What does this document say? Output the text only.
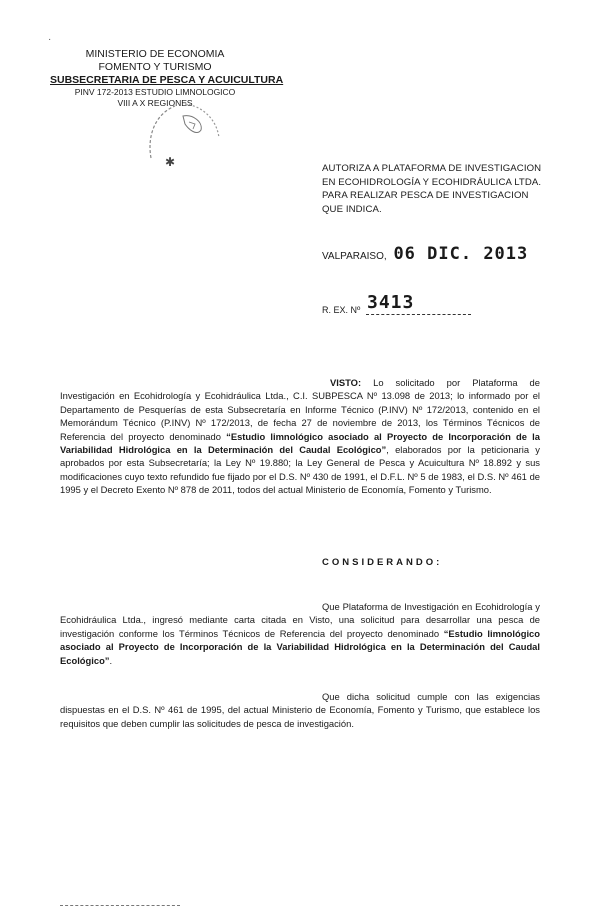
·
MINISTERIO DE ECONOMIA
FOMENTO Y TURISMO
SUBSECRETARIA DE PESCA Y ACUICULTURA
PINV 172-2013 ESTUDIO LIMNOLOGICO
VIII A X REGIONES
✱	AUTORIZA A PLATAFORMA DE INVESTIGACION EN ECOHIDROLOGÍA Y ECOHIDRÁULICA LTDA. PARA REALIZAR PESCA DE INVESTIGACION QUE INDICA.
VALPARAISO, 06 DIC. 2013
R. EX. Nº 3413
VISTO: Lo solicitado por Plataforma de Investigación en Ecohidrología y Ecohidráulica Ltda., C.I. SUBPESCA Nº 13.098 de 2013; lo informado por el Departamento de Pesquerías de esta Subsecretaría en Informe Técnico (P.INV) Nº 172/2013, contenido en el Memorándum Técnico (P.INV) Nº 172/2013, de fecha 27 de noviembre de 2013, los Términos Técnicos de Referencia del proyecto denominado “Estudio limnológico asociado al Proyecto de Incorporación de la Variabilidad Hidrológica en la Determinación del Caudal Ecológico”, elaborados por la peticionaria y aprobados por esta Subsecretaría; la Ley Nº 19.880; la Ley General de Pesca y Acuicultura Nº 18.892 y sus modificaciones cuyo texto refundido fue fijado por el D.S. Nº 430 de 1991, el D.F.L. Nº 5 de 1983, el D.S. Nº 461 de 1995 y el Decreto Exento Nº 878 de 2011, todos del actual Ministerio de Economía, Fomento y Turismo.
CONSIDERANDO:
Que Plataforma de Investigación en Ecohidrología y Ecohidráulica Ltda., ingresó mediante carta citada en Visto, una solicitud para desarrollar una pesca de investigación conforme los Términos Técnicos de Referencia del proyecto denominado “Estudio limnológico asociado al Proyecto de Incorporación de la Variabilidad Hidrológica en la Determinación del Caudal Ecológico”.
Que dicha solicitud cumple con las exigencias dispuestas en el D.S. Nº 461 de 1995, del actual Ministerio de Economía, Fomento y Turismo, que establece los requisitos que deben cumplir las solicitudes de pesca de investigación.
